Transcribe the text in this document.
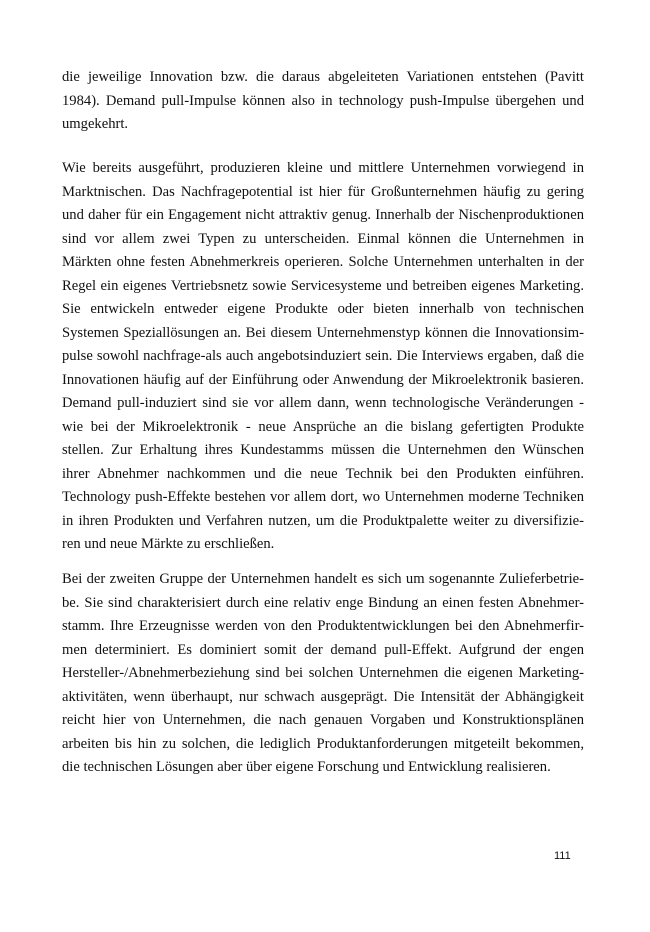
die jeweilige Innovation bzw. die daraus abgeleiteten Variationen entstehen (Pavitt
1984). Demand pull-Impulse können also in technology push-Impulse übergehen und
umgekehrt.
Wie bereits ausgeführt, produzieren kleine und mittlere Unternehmen vorwiegend in
Marktnischen. Das Nachfragepotential ist hier für Großunternehmen häufig zu gering
und daher für ein Engagement nicht attraktiv genug. Innerhalb der Nischenproduktionen
sind vor allem zwei Typen zu unterscheiden. Einmal können die Unternehmen in
Märkten ohne festen Abnehmerkreis operieren. Solche Unternehmen unterhalten in der
Regel ein eigenes Vertriebsnetz sowie Servicesysteme und betreiben eigenes Marketing.
Sie entwickeln entweder eigene Produkte oder bieten innerhalb von technischen
Systemen Speziallösungen an. Bei diesem Unternehmenstyp können die Innovationsim-
pulse sowohl nachfrage-als auch angebotsinduziert sein. Die Interviews ergaben, daß die
Innovationen häufig auf der Einführung oder Anwendung der Mikroelektronik basieren.
Demand pull-induziert sind sie vor allem dann, wenn technologische Veränderungen -
wie bei der Mikroelektronik - neue Ansprüche an die bislang gefertigten Produkte
stellen. Zur Erhaltung ihres Kundestamms müssen die Unternehmen den Wünschen
ihrer Abnehmer nachkommen und die neue Technik bei den Produkten einführen.
Technology push-Effekte bestehen vor allem dort, wo Unternehmen moderne Techniken
in ihren Produkten und Verfahren nutzen, um die Produktpalette weiter zu diversifizie-
ren und neue Märkte zu erschließen.
Bei der zweiten Gruppe der Unternehmen handelt es sich um sogenannte Zulieferbetrie-
be. Sie sind charakterisiert durch eine relativ enge Bindung an einen festen Abnehmer-
stamm. Ihre Erzeugnisse werden von den Produktentwicklungen bei den Abnehmerfir-
men determiniert. Es dominiert somit der demand pull-Effekt. Aufgrund der engen
Hersteller-/Abnehmerbeziehung sind bei solchen Unternehmen die eigenen Marketing-
aktivitäten, wenn überhaupt, nur schwach ausgeprägt. Die Intensität der Abhängigkeit
reicht hier von Unternehmen, die nach genauen Vorgaben und Konstruktionsplänen
arbeiten bis hin zu solchen, die lediglich Produktanforderungen mitgeteilt bekommen,
die technischen Lösungen aber über eigene Forschung und Entwicklung realisieren.
111
